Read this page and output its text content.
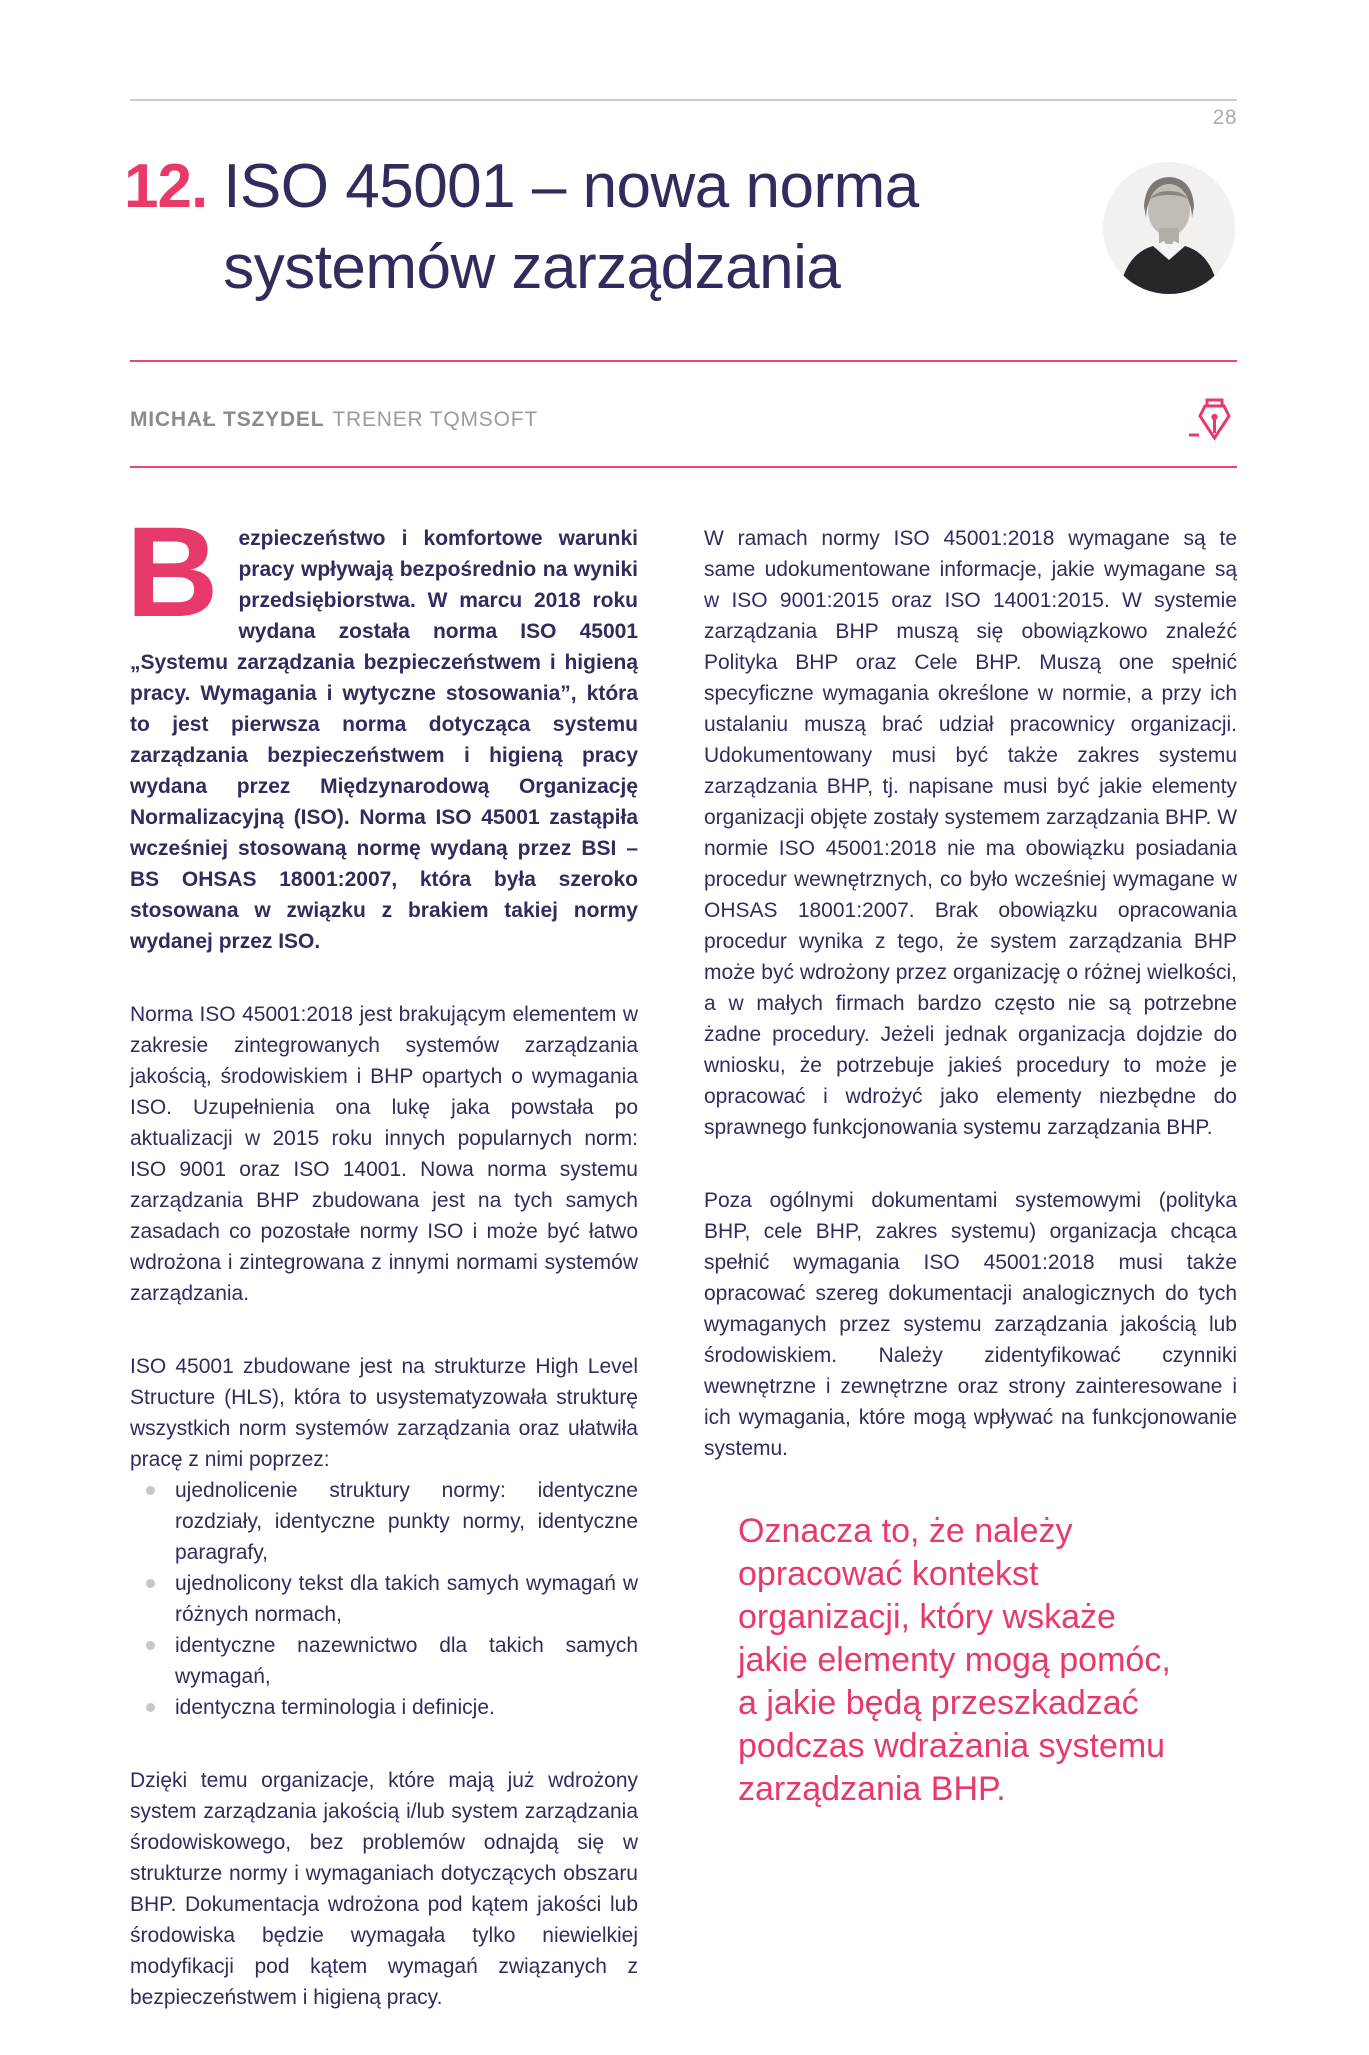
28
12. ISO 45001 – nowa norma systemów zarządzania
MICHAŁ TSZYDEL TRENER TQMSOFT

Bezpieczeństwo i komfortowe warunki pracy wpływają bezpośrednio na wyniki przedsiębiorstwa. W marcu 2018 roku wydana została norma ISO 45001 „Systemu zarządzania bezpieczeństwem i higieną pracy. Wymagania i wytyczne stosowania”, która to jest pierwsza norma dotycząca systemu zarządzania bezpieczeństwem i higieną pracy wydana przez Międzynarodową Organizację Normalizacyjną (ISO). Norma ISO 45001 zastąpiła wcześniej stosowaną normę wydaną przez BSI – BS OHSAS 18001:2007, która była szeroko stosowana w związku z brakiem takiej normy wydanej przez ISO.

Norma ISO 45001:2018 jest brakującym elementem w zakresie zintegrowanych systemów zarządzania jakością, środowiskiem i BHP opartych o wymagania ISO. Uzupełnienia ona lukę jaka powstała po aktualizacji w 2015 roku innych popularnych norm: ISO 9001 oraz ISO 14001. Nowa norma systemu zarządzania BHP zbudowana jest na tych samych zasadach co pozostałe normy ISO i może być łatwo wdrożona i zintegrowana z innymi normami systemów zarządzania.

ISO 45001 zbudowane jest na strukturze High Level Structure (HLS), która to usystematyzowała strukturę wszystkich norm systemów zarządzania oraz ułatwiła pracę z nimi poprzez:

ujednolicenie struktury normy: identyczne rozdziały, identyczne punkty normy, identyczne paragrafy,
ujednolicony tekst dla takich samych wymagań w różnych normach,
identyczne nazewnictwo dla takich samych wymagań,
identyczna terminologia i definicje.

Dzięki temu organizacje, które mają już wdrożony system zarządzania jakością i/lub system zarządzania środowiskowego, bez problemów odnajdą się w strukturze normy i wymaganiach dotyczących obszaru BHP. Dokumentacja wdrożona pod kątem jakości lub środowiska będzie wymagała tylko niewielkiej modyfikacji pod kątem wymagań związanych z bezpieczeństwem i higieną pracy.

W ramach normy ISO 45001:2018 wymagane są te same udokumentowane informacje, jakie wymagane są w ISO 9001:2015 oraz ISO 14001:2015. W systemie zarządzania BHP muszą się obowiązkowo znaleźć Polityka BHP oraz Cele BHP. Muszą one spełnić specyficzne wymagania określone w normie, a przy ich ustalaniu muszą brać udział pracownicy organizacji. Udokumentowany musi być także zakres systemu zarządzania BHP, tj. napisane musi być jakie elementy organizacji objęte zostały systemem zarządzania BHP. W normie ISO 45001:2018 nie ma obowiązku posiadania procedur wewnętrznych, co było wcześniej wymagane w OHSAS 18001:2007. Brak obowiązku opracowania procedur wynika z tego, że system zarządzania BHP może być wdrożony przez organizację o różnej wielkości, a w małych firmach bardzo często nie są potrzebne żadne procedury. Jeżeli jednak organizacja dojdzie do wniosku, że potrzebuje jakieś procedury to może je opracować i wdrożyć jako elementy niezbędne do sprawnego funkcjonowania systemu zarządzania BHP.

Poza ogólnymi dokumentami systemowymi (polityka BHP, cele BHP, zakres systemu) organizacja chcąca spełnić wymagania ISO 45001:2018 musi także opracować szereg dokumentacji analogicznych do tych wymaganych przez systemu zarządzania jakością lub środowiskiem. Należy zidentyfikować czynniki wewnętrzne i zewnętrzne oraz strony zainteresowane i ich wymagania, które mogą wpływać na funkcjonowanie systemu.

Oznacza to, że należy opracować kontekst organizacji, który wskaże jakie elementy mogą pomóc, a jakie będą przeszkadzać podczas wdrażania systemu zarządzania BHP.
